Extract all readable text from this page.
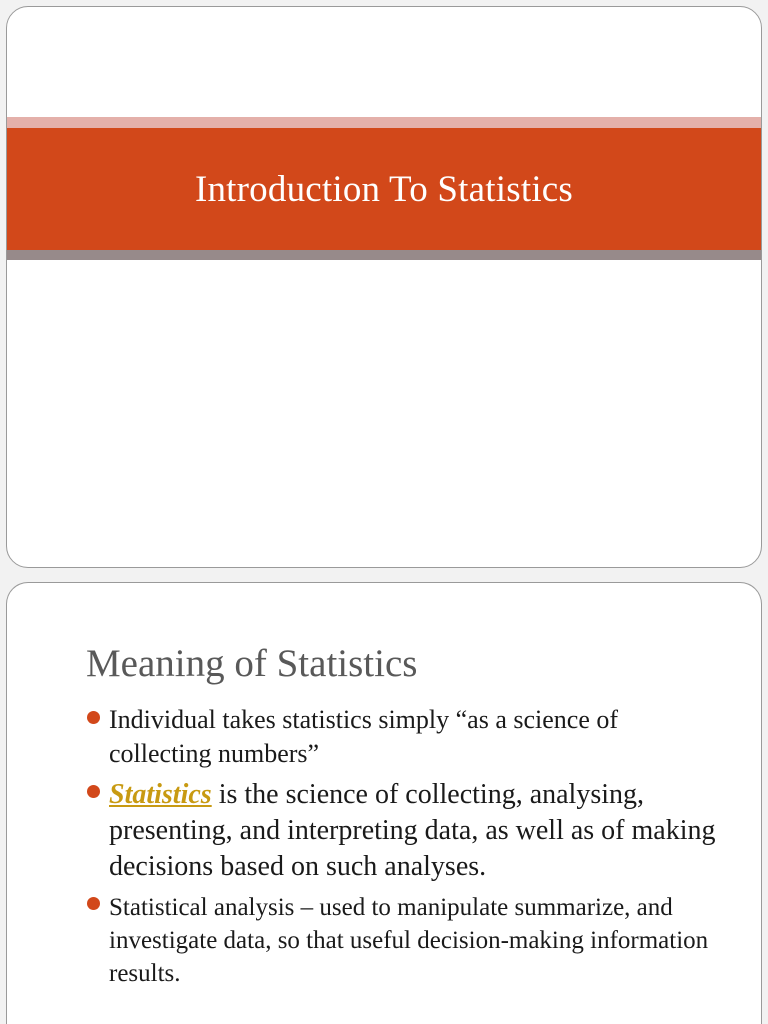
Introduction To Statistics
Meaning of Statistics
Individual takes statistics simply “as a science of collecting numbers”
Statistics is the science of collecting, analysing, presenting, and interpreting data, as well as of making decisions based on such analyses.
Statistical analysis – used to manipulate summarize, and investigate data, so that useful decision-making information results.
